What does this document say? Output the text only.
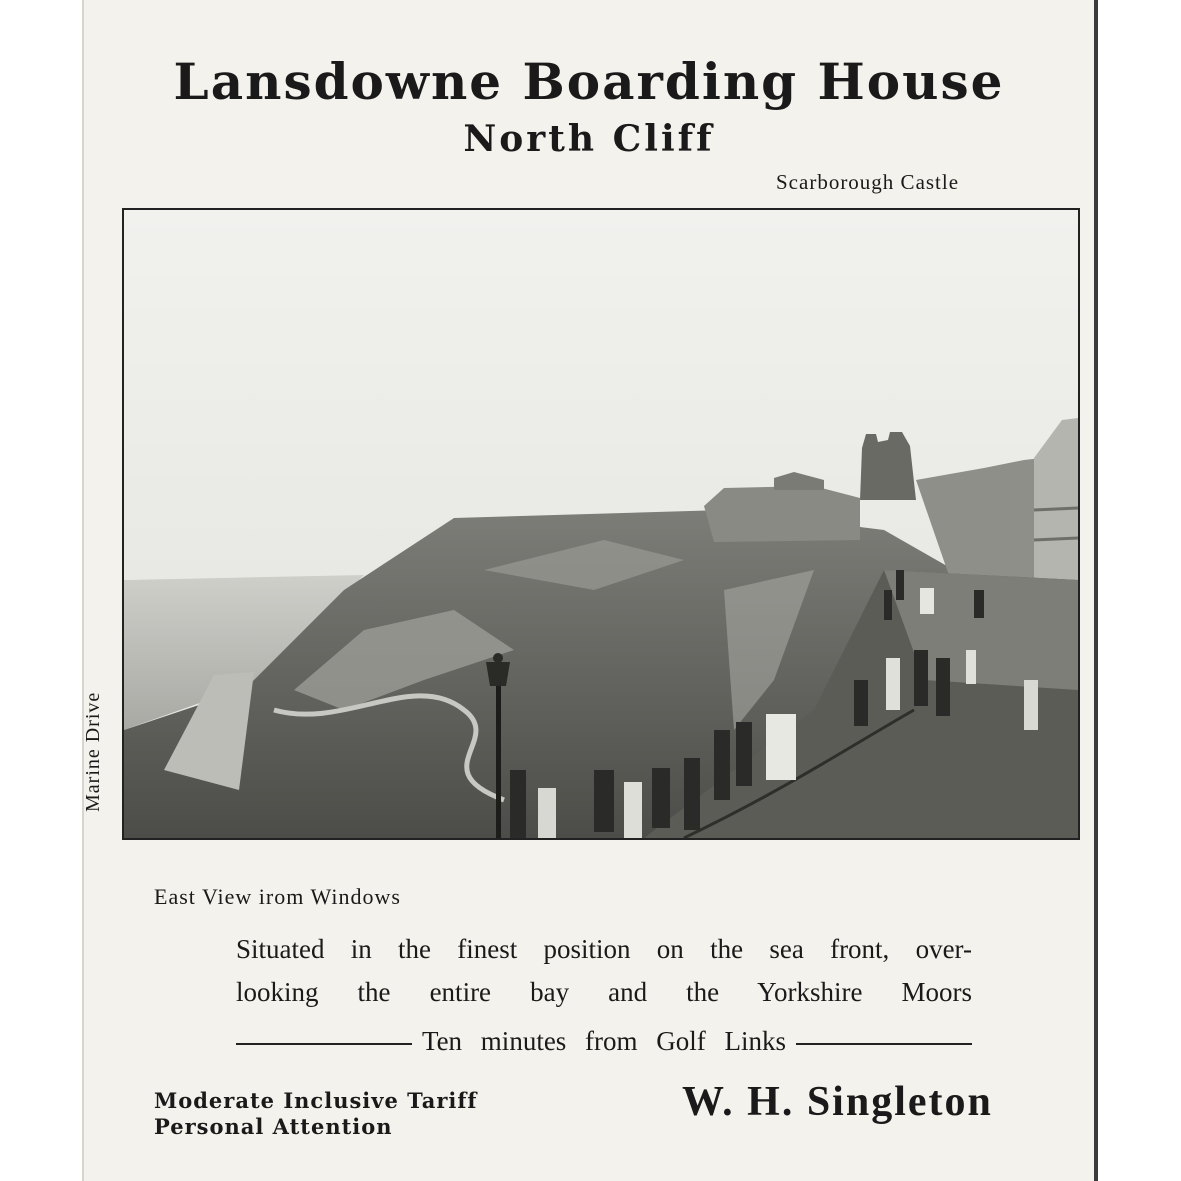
Lansdowne Boarding House
North Cliff
Scarborough Castle
Marine Drive
East View irom Windows
Situated in the finest position on the sea front, over-
looking the entire bay and the Yorkshire Moors
Ten minutes from Golf Links
Moderate Inclusive Tariff
Personal Attention
W. H. Singleton
